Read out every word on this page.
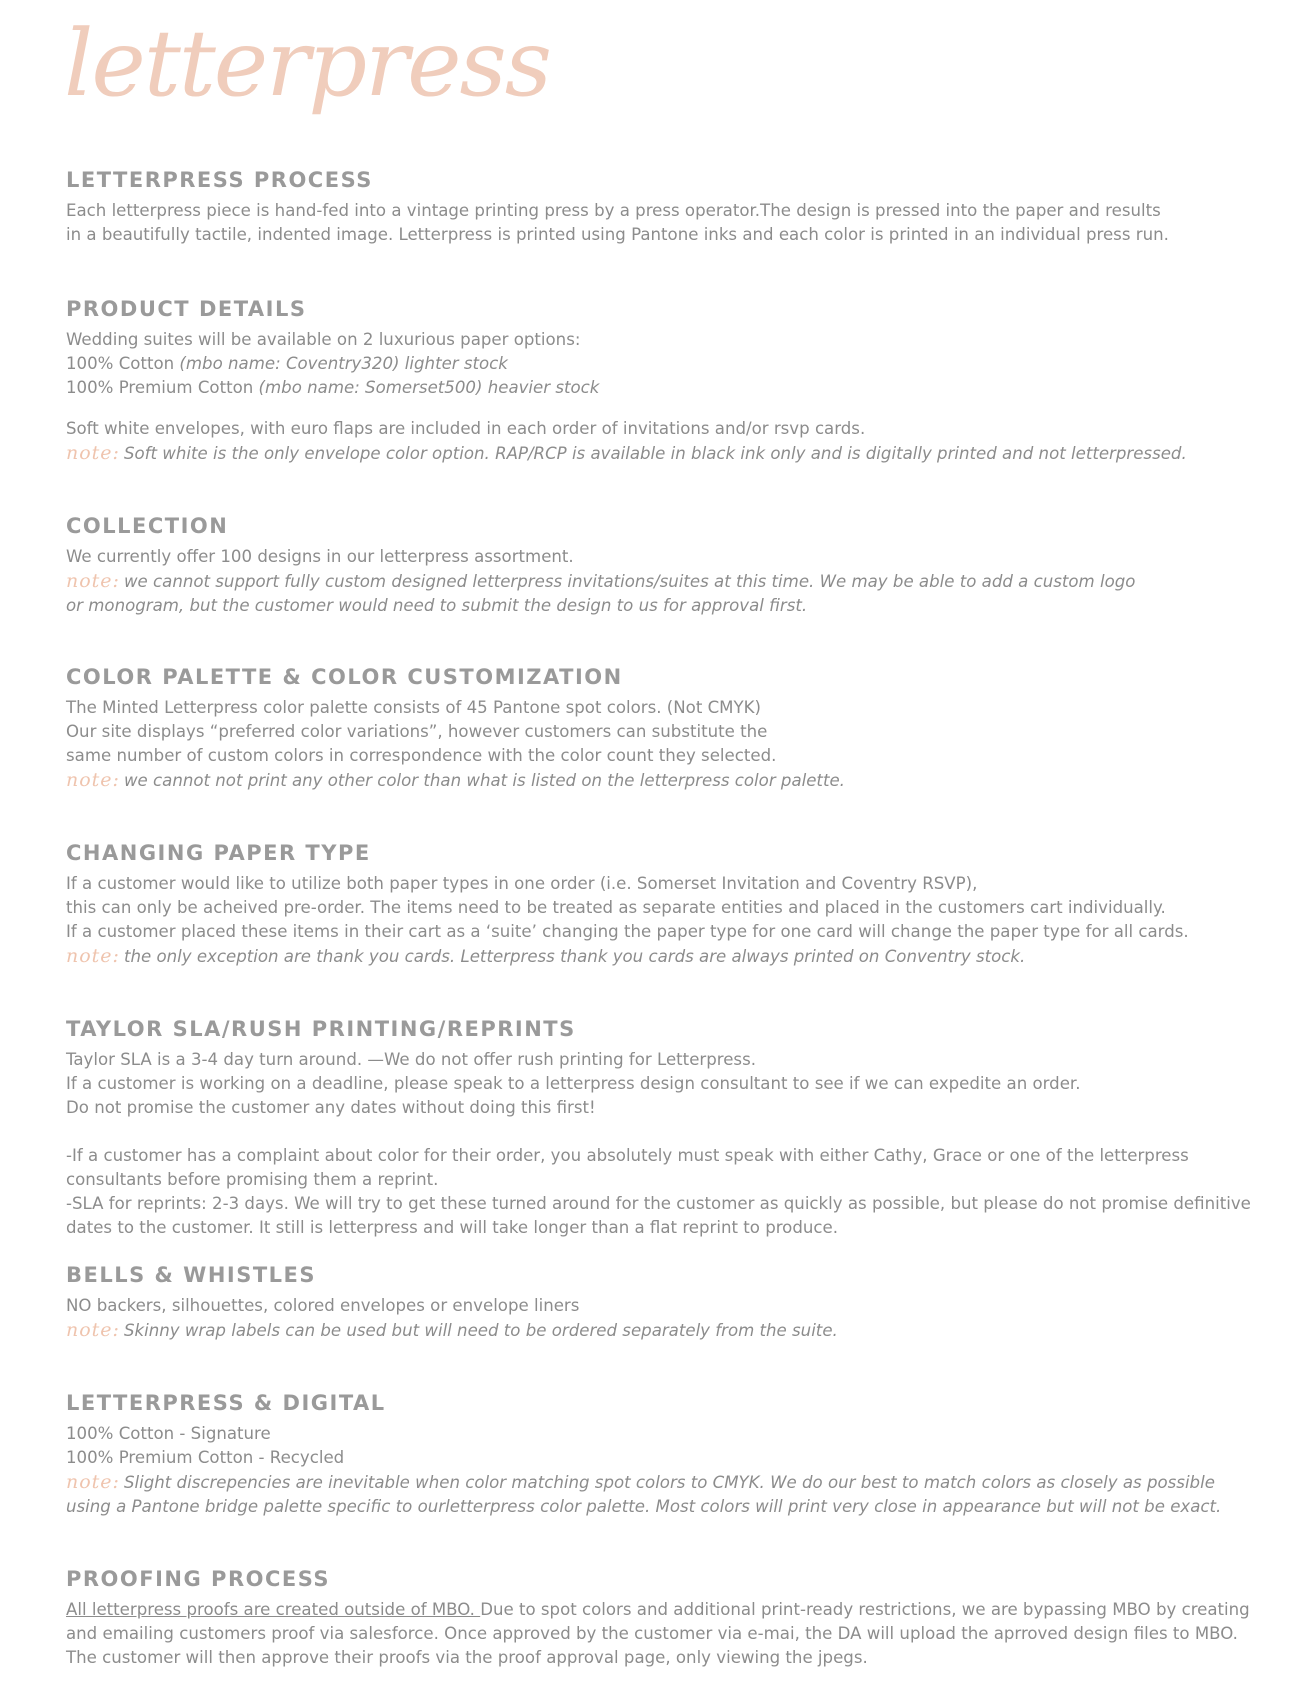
letterpress
LETTERPRESS PROCESS
Each letterpress piece is hand-fed into a vintage printing press by a press operator.The design is pressed into the paper and results
in a beautifully tactile, indented image. Letterpress is printed using Pantone inks and each color is printed in an individual press run.
PRODUCT DETAILS
Wedding suites will be available on 2 luxurious paper options:
100% Cotton (mbo name: Coventry320) lighter stock
100% Premium Cotton (mbo name: Somerset500) heavier stock
Soft white envelopes, with euro flaps are included in each order of invitations and/or rsvp cards.
note: Soft white is the only envelope color option. RAP/RCP is available in black ink only and is digitally printed and not letterpressed.
COLLECTION
We currently offer 100 designs in our letterpress assortment.
note: we cannot support fully custom designed letterpress invitations/suites at this time. We may be able to add a custom logo
or monogram, but the customer would need to submit the design to us for approval first.
COLOR PALETTE & COLOR CUSTOMIZATION
The Minted Letterpress color palette consists of 45 Pantone spot colors. (Not CMYK)
Our site displays “preferred color variations”, however customers can substitute the
same number of custom colors in correspondence with the color count they selected.
note: we cannot not print any other color than what is listed on the letterpress color palette.
CHANGING PAPER TYPE
If a customer would like to utilize both paper types in one order (i.e. Somerset Invitation and Coventry RSVP),
this can only be acheived pre-order. The items need to be treated as separate entities and placed in the customers cart individually.
If a customer placed these items in their cart as a ‘suite’ changing the paper type for one card will change the paper type for all cards.
note: the only exception are thank you cards. Letterpress thank you cards are always printed on Conventry stock.
TAYLOR SLA/RUSH PRINTING/REPRINTS
Taylor SLA is a 3-4 day turn around. —We do not offer rush printing for Letterpress.
If a customer is working on a deadline, please speak to a letterpress design consultant to see if we can expedite an order.
Do not promise the customer any dates without doing this first!
-If a customer has a complaint about color for their order, you absolutely must speak with either Cathy, Grace or one of the letterpress
consultants before promising them a reprint.
-SLA for reprints: 2-3 days. We will try to get these turned around for the customer as quickly as possible, but please do not promise definitive
dates to the customer. It still is letterpress and will take longer than a flat reprint to produce.
BELLS & WHISTLES
NO backers, silhouettes, colored envelopes or envelope liners
note: Skinny wrap labels can be used but will need to be ordered separately from the suite.
LETTERPRESS & DIGITAL
100% Cotton - Signature
100% Premium Cotton - Recycled
note: Slight discrepencies are inevitable when color matching spot colors to CMYK. We do our best to match colors as closely as possible
using a Pantone bridge palette specific to ourletterpress color palette. Most colors will print very close in appearance but will not be exact.
PROOFING PROCESS
All letterpress proofs are created outside of MBO. Due to spot colors and additional print-ready restrictions, we are bypassing MBO by creating
and emailing customers proof via salesforce. Once approved by the customer via e-mai, the DA will upload the aprroved design files to MBO.
The customer will then approve their proofs via the proof approval page, only viewing the jpegs.
